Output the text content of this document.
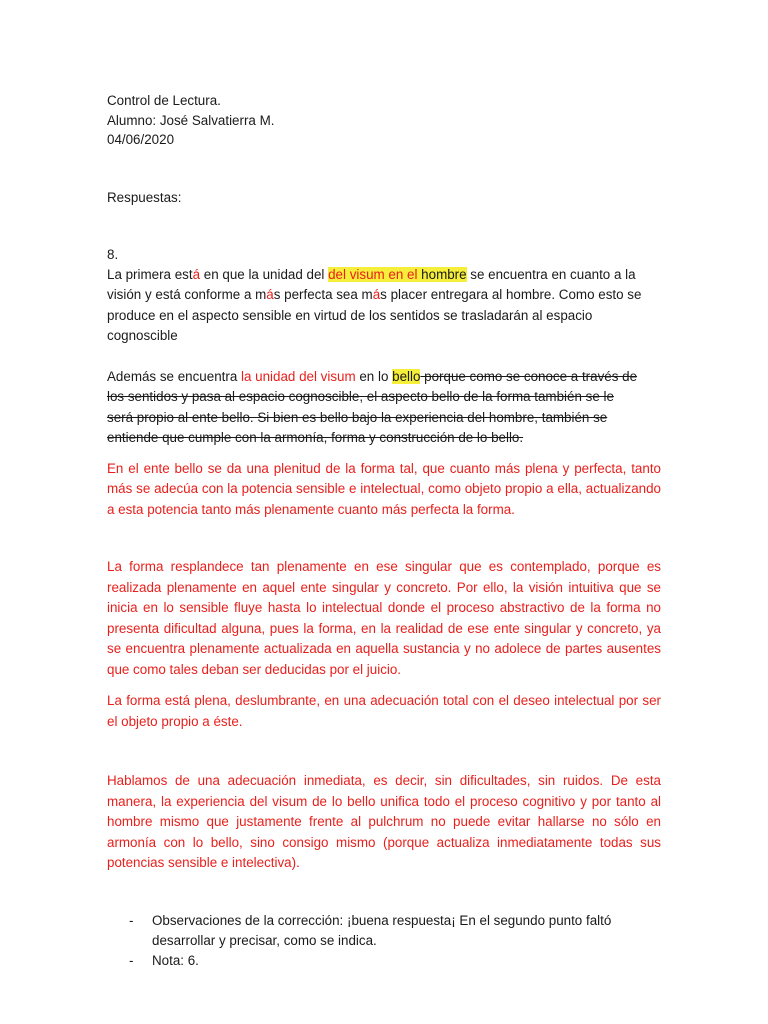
Control de Lectura.

Alumno: José Salvatierra M.

04/06/2020

Respuestas:

8.

La primera está en que la unidad del del visum en el hombre se encuentra en cuanto a la visión y está conforme a más perfecta sea más placer entregara al hombre. Como esto se produce en el aspecto sensible en virtud de los sentidos se trasladarán al espacio cognoscible

Además se encuentra la unidad del visum en lo bello porque como se conoce a través de los sentidos y pasa al espacio cognoscible, el aspecto bello de la forma también se le será propio al ente bello. Si bien es bello bajo la experiencia del hombre, también se entiende que cumple con la armonía, forma y construcción de lo bello.

En el ente bello se da una plenitud de la forma tal, que cuanto más plena y perfecta, tanto más se adecúa con la potencia sensible e intelectual, como objeto propio a ella, actualizando a esta potencia tanto más plenamente cuanto más perfecta la forma.

La forma resplandece tan plenamente en ese singular que es contemplado, porque es realizada plenamente en aquel ente singular y concreto. Por ello, la visión intuitiva que se inicia en lo sensible fluye hasta lo intelectual donde el proceso abstractivo de la forma no presenta dificultad alguna, pues la forma, en la realidad de ese ente singular y concreto, ya se encuentra plenamente actualizada en aquella sustancia y no adolece de partes ausentes que como tales deban ser deducidas por el juicio.

La forma está plena, deslumbrante, en una adecuación total con el deseo intelectual por ser el objeto propio a éste.

Hablamos de una adecuación inmediata, es decir, sin dificultades, sin ruidos. De esta manera, la experiencia del visum de lo bello unifica todo el proceso cognitivo y por tanto al hombre mismo que justamente frente al pulchrum no puede evitar hallarse no sólo en armonía con lo bello, sino consigo mismo (porque actualiza inmediatamente todas sus potencias sensible e intelectiva).

- Observaciones de la corrección: ¡buena respuesta¡ En el segundo punto faltó desarrollar y precisar, como se indica.
- Nota: 6.
